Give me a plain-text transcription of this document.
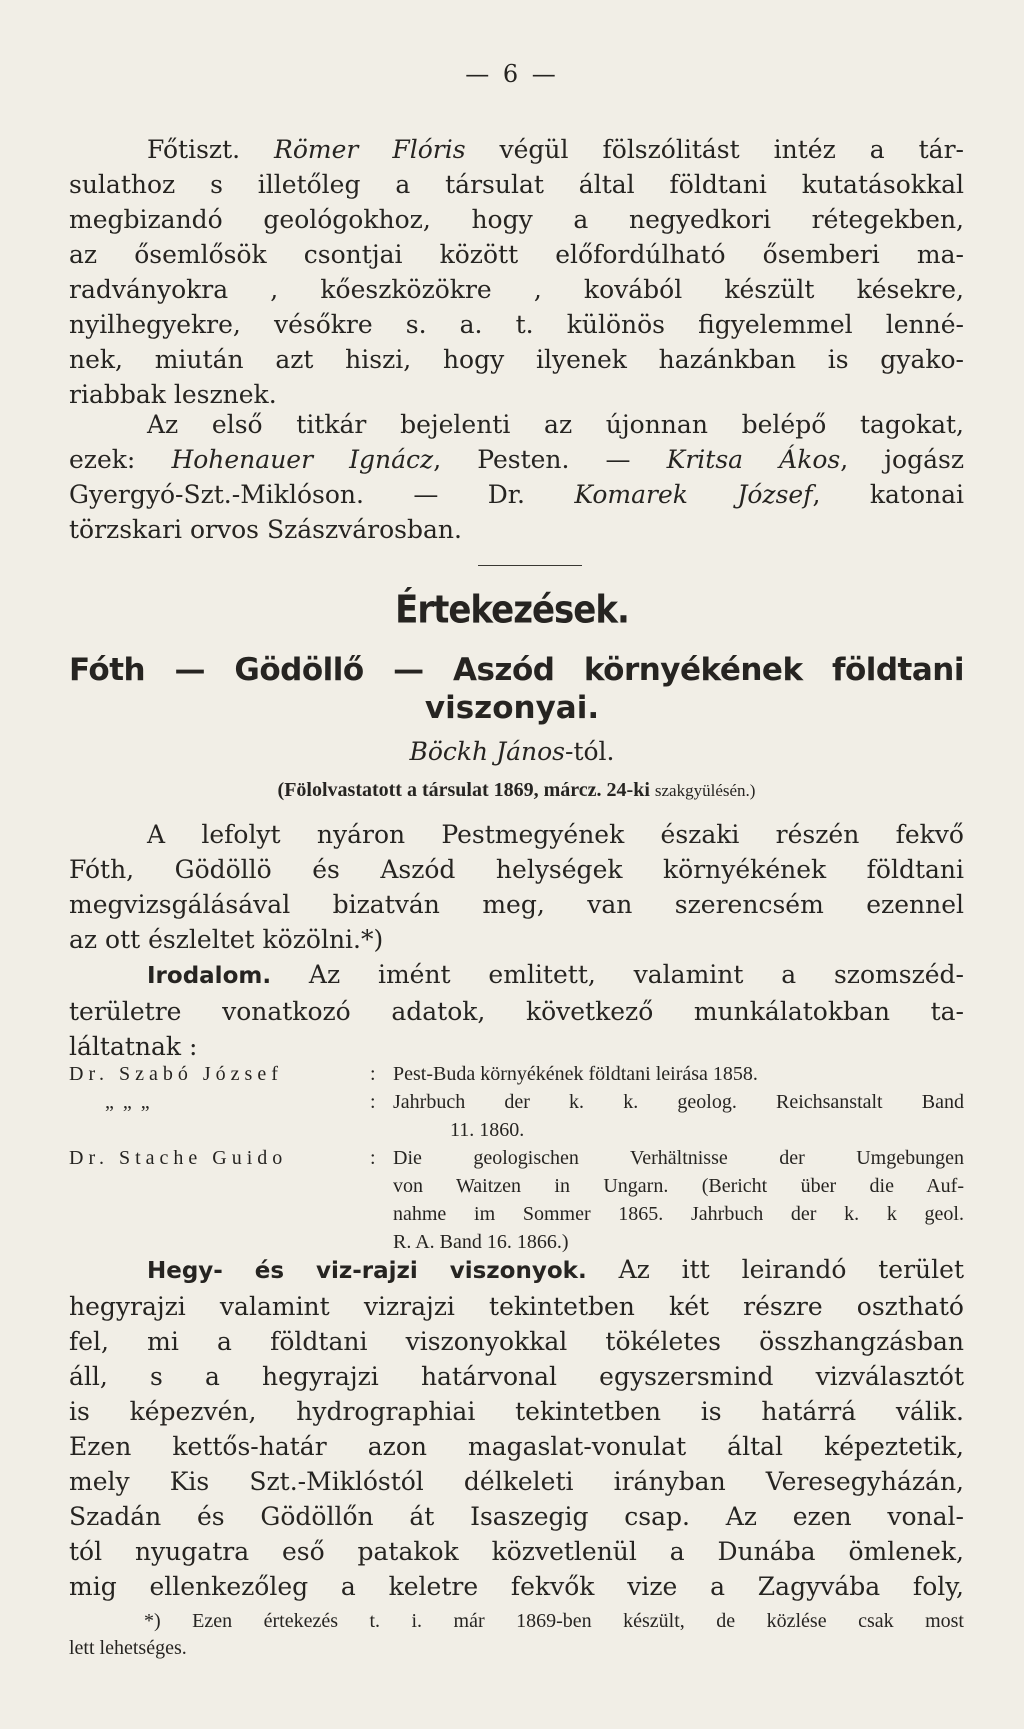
— 6 —

Főtiszt. Römer Flóris végül fölszólitást intéz a tár-

sulathoz s illetőleg a társulat által földtani kutatásokkal

megbizandó geológokhoz, hogy a negyedkori rétegekben,

az ősemlősök csontjai között előfordúlható ősemberi ma-

radványokra , kőeszközökre , kovából készült késekre,

nyilhegyekre, vésőkre s. a. t. különös figyelemmel lenné-

nek, miután azt hiszi, hogy ilyenek hazánkban is gyako-

riabbak lesznek.

Az első titkár bejelenti az újonnan belépő tagokat,

ezek: Hohenauer Ignácz, Pesten. — Kritsa Ákos, jogász

Gyergyó-Szt.-Miklóson. — Dr. Komarek József, katonai

törzskari orvos Szászvárosban.

Értekezések.
Fóth — Gödöllő — Aszód környékének földtani
viszonyai.
Böckh János-tól.
(Fölolvastatott a társulat 1869, márcz. 24-ki szakgyülésén.)

A lefolyt nyáron Pestmegyének északi részén fekvő

Fóth, Gödöllö és Aszód helységek környékének földtani

megvizsgálásával bizatván meg, van szerencsém ezennel

az ott észleltet közölni.*)

Irodalom. Az imént emlitett, valamint a szomszéd-

területre vonatkozó adatok, következő munkálatokban ta-

láltatnak :

Dr. Szabó József	: Pest-Buda környékének földtani leirása 1858.
„ „ „	: Jahrbuch der k. k. geolog. Reichsanstalt Band
11. 1860.
Dr. Stache Guido	: Die geologischen Verhältnisse der Umgebungen
von Waitzen in Ungarn. (Bericht über die Auf-
nahme im Sommer 1865. Jahrbuch der k. k geol.
R. A. Band 16. 1866.)

Hegy- és viz-rajzi viszonyok. Az itt leirandó terület

hegyrajzi valamint vizrajzi tekintetben két részre osztható

fel, mi a földtani viszonyokkal tökéletes összhangzásban

áll, s a hegyrajzi határvonal egyszersmind vizválasztót

is képezvén, hydrographiai tekintetben is határrá válik.

Ezen kettős-határ azon magaslat-vonulat által képeztetik,

mely Kis Szt.-Miklóstól délkeleti irányban Veresegyházán,

Szadán és Gödöllőn át Isaszegig csap. Az ezen vonal-

tól nyugatra eső patakok közvetlenül a Dunába ömlenek,

mig ellenkezőleg a keletre fekvők vize a Zagyvába foly,

*) Ezen értekezés t. i. már 1869-ben készült, de közlése csak most
lett lehetséges.
